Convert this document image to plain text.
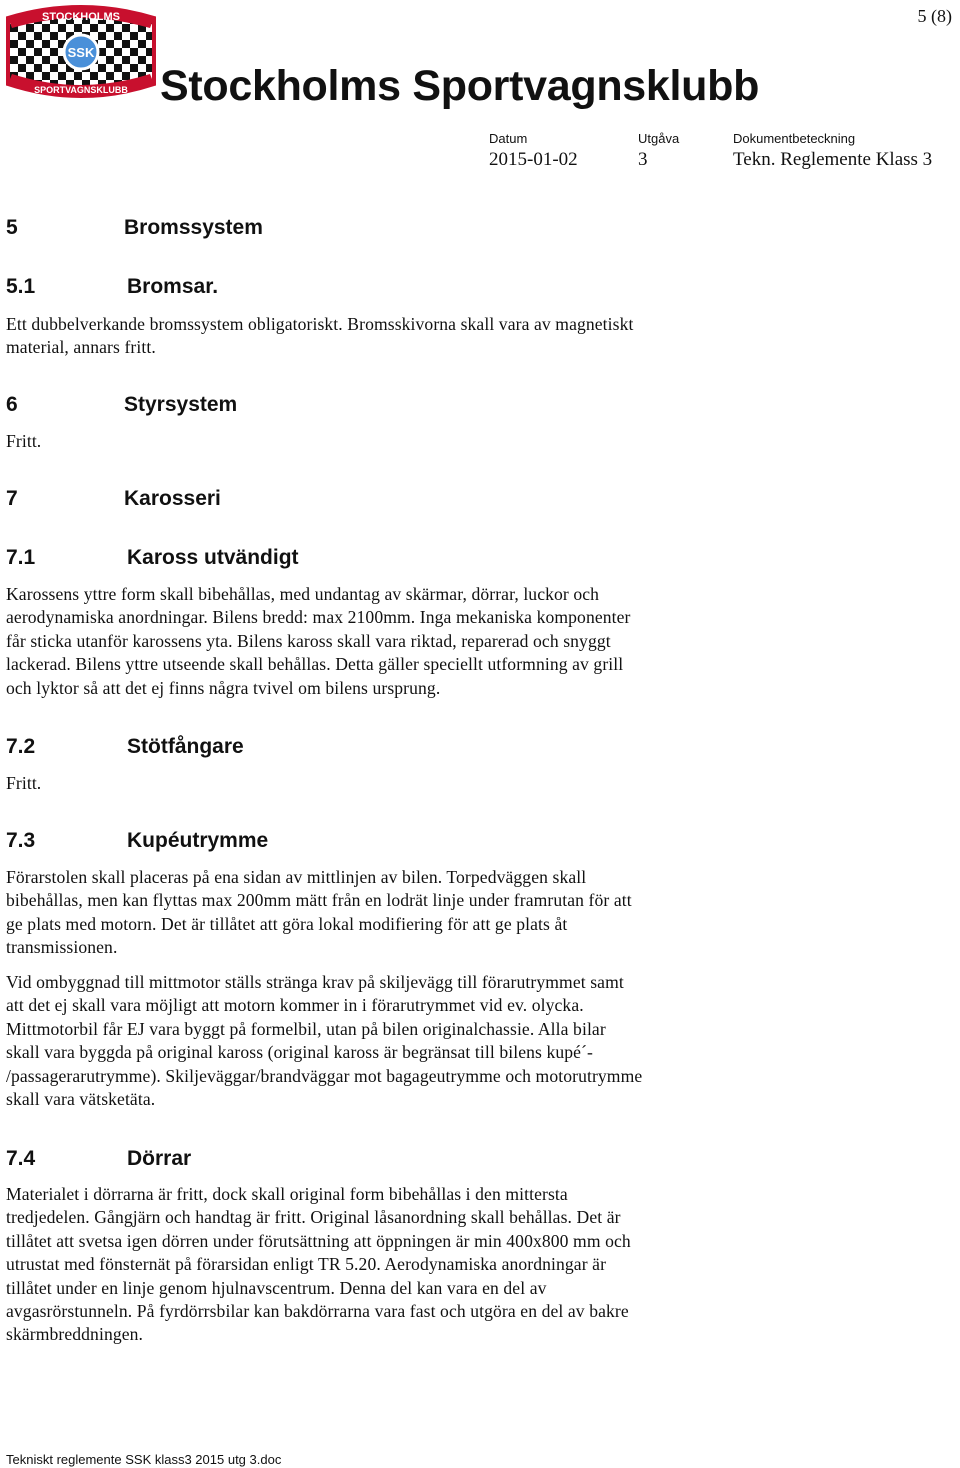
5 (8)
STOCKHOLMS
SPORTVAGNSKLUBB
SSK
Stockholms Sportvagnsklubb
Datum	Utgåva	Dokumentbeteckning
2015-01-02	3	Tekn. Reglemente Klass 3
5	Bromssystem
5.1	Bromsar.
Ett dubbelverkande bromssystem obligatoriskt. Bromsskivorna skall vara av magnetiskt
material, annars fritt.
6	Styrsystem
Fritt.
7	Karosseri
7.1	Kaross utvändigt
Karossens yttre form skall bibehållas, med undantag av skärmar, dörrar, luckor och
aerodynamiska anordningar. Bilens bredd: max 2100mm. Inga mekaniska komponenter
får sticka utanför karossens yta. Bilens kaross skall vara riktad, reparerad och snyggt
lackerad. Bilens yttre utseende skall behållas. Detta gäller speciellt utformning av grill
och lyktor så att det ej finns några tvivel om bilens ursprung.
7.2	Stötfångare
Fritt.
7.3	Kupéutrymme
Förarstolen skall placeras på ena sidan av mittlinjen av bilen. Torpedväggen skall
bibehållas, men kan flyttas max 200mm mätt från en lodrät linje under framrutan för att
ge plats med motorn. Det är tillåtet att göra lokal modifiering för att ge plats åt
transmissionen.
Vid ombyggnad till mittmotor ställs stränga krav på skiljevägg till förarutrymmet samt
att det ej skall vara möjligt att motorn kommer in i förarutrymmet vid ev. olycka.
Mittmotorbil får EJ vara byggt på formelbil, utan på bilen originalchassie. Alla bilar
skall vara byggda på original kaross (original kaross är begränsat till bilens kupé´-
/passagerarutrymme). Skiljeväggar/brandväggar mot bagageutrymme och motorutrymme
skall vara vätsketäta.
7.4	Dörrar
Materialet i dörrarna är fritt, dock skall original form bibehållas i den mittersta
tredjedelen. Gångjärn och handtag är fritt. Original låsanordning skall behållas. Det är
tillåtet att svetsa igen dörren under förutsättning att öppningen är min 400x800 mm och
utrustat med fönsternät på förarsidan enligt TR 5.20. Aerodynamiska anordningar är
tillåtet under en linje genom hjulnavscentrum. Denna del kan vara en del av
avgasrörstunneln. På fyrdörrsbilar kan bakdörrarna vara fast och utgöra en del av bakre
skärmbreddningen.
Tekniskt reglemente SSK klass3 2015 utg 3.doc
